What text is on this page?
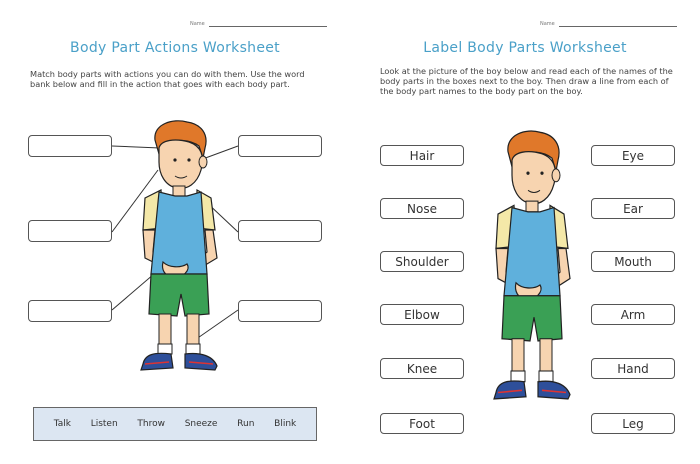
Name
Body Part Actions Worksheet
Match body parts with actions you can do with them. Use the word bank below and fill in the action that goes with each body part.
Talk Listen Throw Sneeze Run Blink
Name
Label Body Parts Worksheet
Look at the picture of the boy below and read each of the names of the body parts in the boxes next to the boy. Then draw a line from each of the body part names to the body part on the boy.
Hair
Nose
Shoulder
Elbow
Knee
Foot
Eye
Ear
Mouth
Arm
Hand
Leg
